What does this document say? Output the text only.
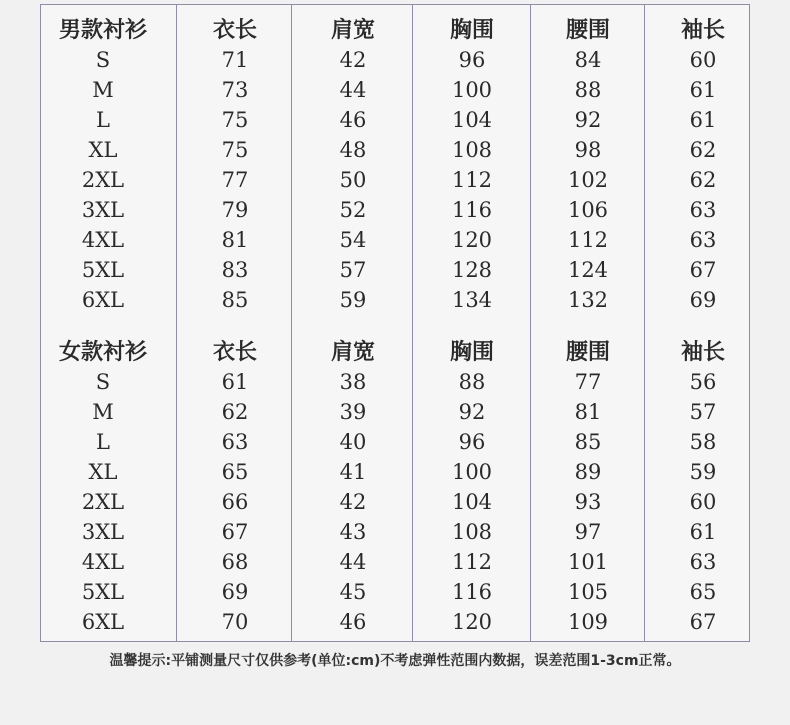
男款衬衫	衣长	肩宽	胸围	腰围	袖长
S	71	42	96	84	60
M	73	44	100	88	61
L	75	46	104	92	61
XL	75	48	108	98	62
2XL	77	50	112	102	62
3XL	79	52	116	106	63
4XL	81	54	120	112	63
5XL	83	57	128	124	67
6XL	85	59	134	132	69
女款衬衫	衣长	肩宽	胸围	腰围	袖长
S	61	38	88	77	56
M	62	39	92	81	57
L	63	40	96	85	58
XL	65	41	100	89	59
2XL	66	42	104	93	60
3XL	67	43	108	97	61
4XL	68	44	112	101	63
5XL	69	45	116	105	65
6XL	70	46	120	109	67
温馨提示:平铺测量尺寸仅供参考(单位:cm)不考虑弹性范围内数据，误差范围1-3cm正常。
